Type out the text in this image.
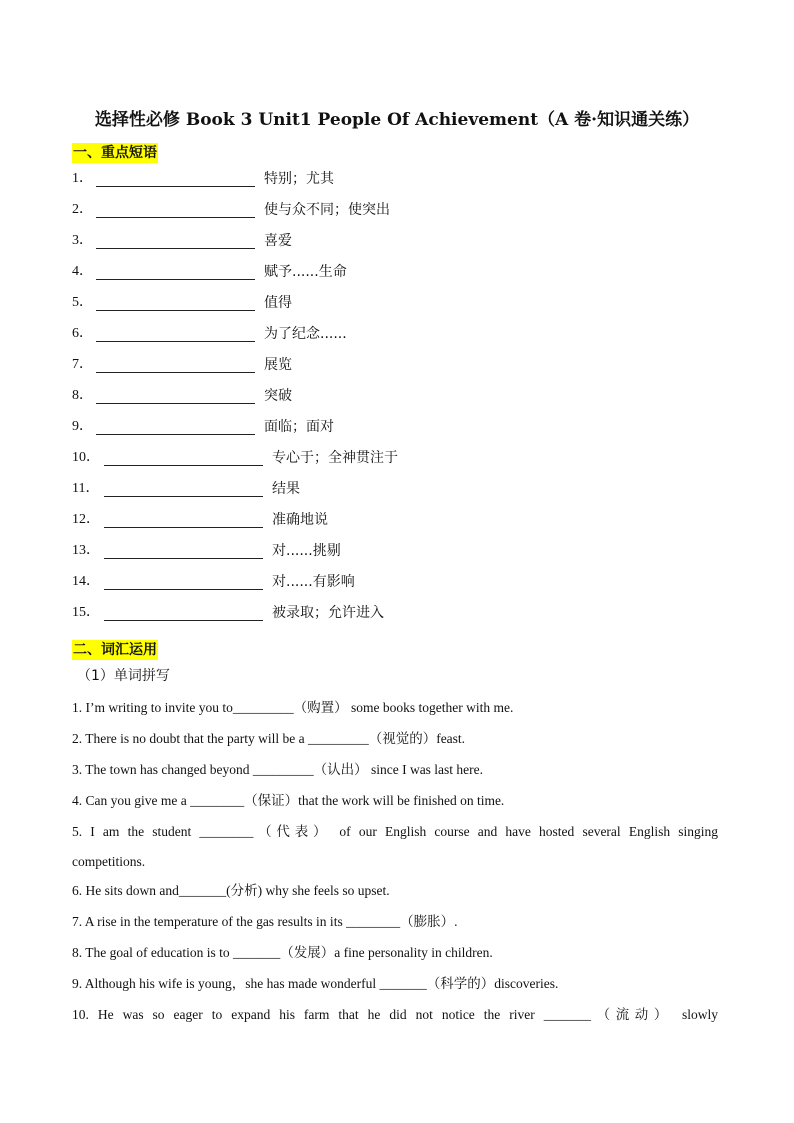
选择性必修 Book 3 Unit1 People Of Achievement（A 卷·知识通关练）
一、重点短语
1．	特别；尤其
2．	使与众不同；使突出
3．	喜爱
4．	赋予......生命
5．	值得
6．	为了纪念......
7．	展览
8．	突破
9．	面临；面对
10．	专心于；全神贯注于
11．	结果
12．	准确地说
13．	对......挑剔
14．	对......有影响
15．	被录取；允许进入
二、词汇运用
（1）单词拼写
1. I’m writing to invite you to_________（购置） some books together with me.
2. There is no doubt that the party will be a _________（视觉的）feast.
3. The town has changed beyond _________（认出） since I was last here.
4. Can you give me a ________（保证）that the work will be finished on time.
5. I am the student ________（代表） of our English course and have hosted several English singing
competitions.
6. He sits down and_______(分析) why she feels so upset.
7. A rise in the temperature of the gas results in its ________（膨胀）.
8. The goal of education is to _______（发展）a fine personality in children.
9. Although his wife is young，she has made wonderful _______（科学的）discoveries.
10. He was so eager to expand his farm that he did not notice the river _______（流动） slowly
